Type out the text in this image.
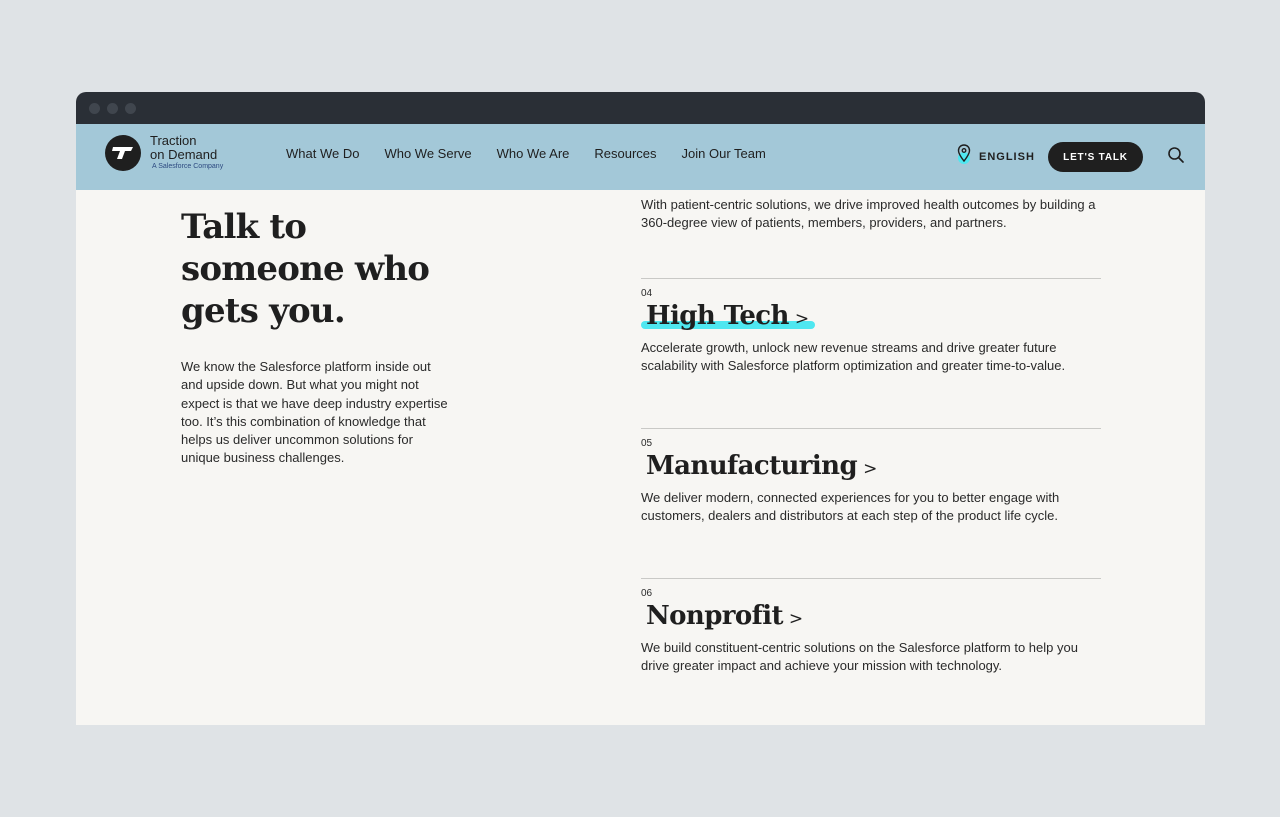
Traction
on Demand
A Salesforce Company
What We Do Who We Serve Who We Are Resources Join Our Team	ENGLISH	LET'S TALK
Talk to someone who gets you.

We know the Salesforce platform inside out and upside down. But what you might not expect is that we have deep industry expertise too. It’s this combination of knowledge that helps us deliver uncommon solutions for unique business challenges.

With patient-centric solutions, we drive improved health outcomes by building a 360-degree view of patients, members, providers, and partners.

04
High Tech >

Accelerate growth, unlock new revenue streams and drive greater future scalability with Salesforce platform optimization and greater time-to-value.

05
Manufacturing >

We deliver modern, connected experiences for you to better engage with customers, dealers and distributors at each step of the product life cycle.

06
Nonprofit >

We build constituent-centric solutions on the Salesforce platform to help you drive greater impact and achieve your mission with technology.
